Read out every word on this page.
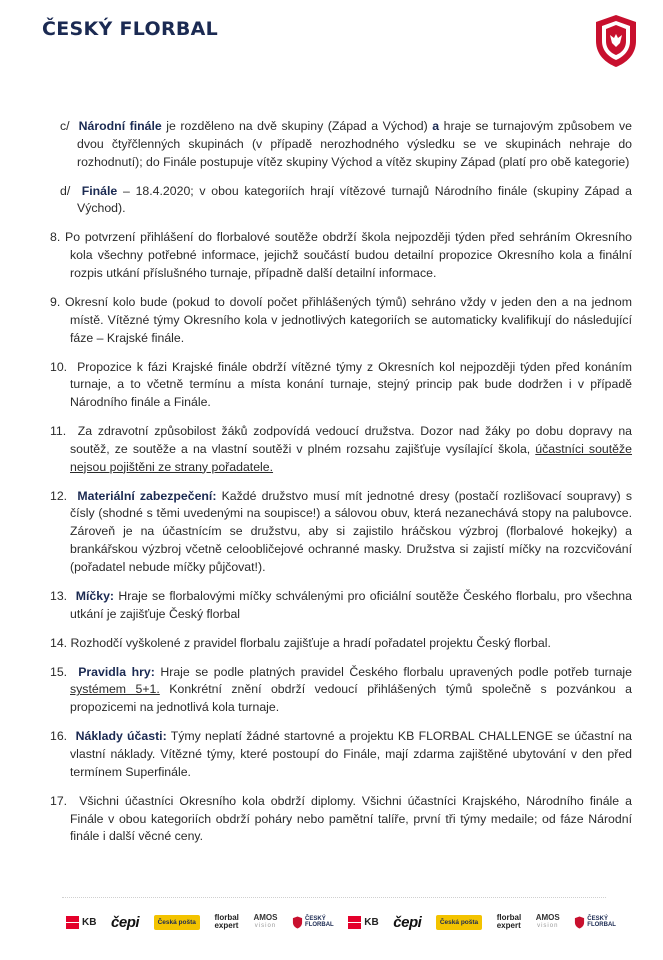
ČESKÝ FLORBAL
c/ Národní finále je rozděleno na dvě skupiny (Západ a Východ) a hraje se turnajovým způsobem ve dvou čtyřčlenných skupinách (v případě nerozhodného výsledku se ve skupinách nehraje do rozhodnutí); do Finále postupuje vítěz skupiny Východ a vítěz skupiny Západ (platí pro obě kategorie)
d/ Finále – 18.4.2020; v obou kategoriích hrají vítězové turnajů Národního finále (skupiny Západ a Východ).
8. Po potvrzení přihlášení do florbalové soutěže obdrží škola nejpozději týden před sehráním Okresního kola všechny potřebné informace, jejichž součástí budou detailní propozice Okresního kola a finální rozpis utkání příslušného turnaje, případně další detailní informace.
9. Okresní kolo bude (pokud to dovolí počet přihlášených týmů) sehráno vždy v jeden den a na jednom místě. Vítězné týmy Okresního kola v jednotlivých kategoriích se automaticky kvalifikují do následující fáze – Krajské finále.
10. Propozice k fázi Krajské finále obdrží vítězné týmy z Okresních kol nejpozději týden před konáním turnaje, a to včetně termínu a místa konání turnaje, stejný princip pak bude dodržen i v případě Národního finále a Finále.
11. Za zdravotní způsobilost žáků zodpovídá vedoucí družstva. Dozor nad žáky po dobu dopravy na soutěž, ze soutěže a na vlastní soutěži v plném rozsahu zajišťuje vysílající škola, účastníci soutěže nejsou pojištěni ze strany pořadatele.
12. Materiální zabezpečení: Každé družstvo musí mít jednotné dresy (postačí rozlišovací soupravy) s čísly (shodné s těmi uvedenými na soupisce!) a sálovou obuv, která nezanechává stopy na palubovce. Zároveň je na účastnícím se družstvu, aby si zajistilo hráčskou výzbroj (florbalové hokejky) a brankářskou výzbroj včetně celoobličejové ochranné masky. Družstva si zajistí míčky na rozcvičování (pořadatel nebude míčky půjčovat!).
13. Míčky: Hraje se florbalovými míčky schválenými pro oficiální soutěže Českého florbalu, pro všechna utkání je zajišťuje Český florbal
14. Rozhodčí vyškolené z pravidel florbalu zajišťuje a hradí pořadatel projektu Český florbal.
15. Pravidla hry: Hraje se podle platných pravidel Českého florbalu upravených podle potřeb turnaje systémem 5+1. Konkrétní znění obdrží vedoucí přihlášených týmů společně s pozvánkou a propozicemi na jednotlivá kola turnaje.
16. Náklady účasti: Týmy neplatí žádné startovné a projektu KB FLORBAL CHALLENGE se účastní na vlastní náklady. Vítězné týmy, které postoupí do Finále, mají zdarma zajištěné ubytování v den před termínem Superfinále.
17. Všichni účastníci Okresního kola obdrží diplomy. Všichni účastníci Krajského, Národního finále a Finále v obou kategoriích obdrží poháry nebo pamětní talíře, první tři týmy medaile; od fáze Národní finále i další věcné ceny.
KB čepi	Česká pošta	florbal
expert
AMOS
vision
ČESKÝ
FLORBAL	KB čepi	Česká pošta	florbal
expert
AMOS
vision
ČESKÝ
FLORBAL
